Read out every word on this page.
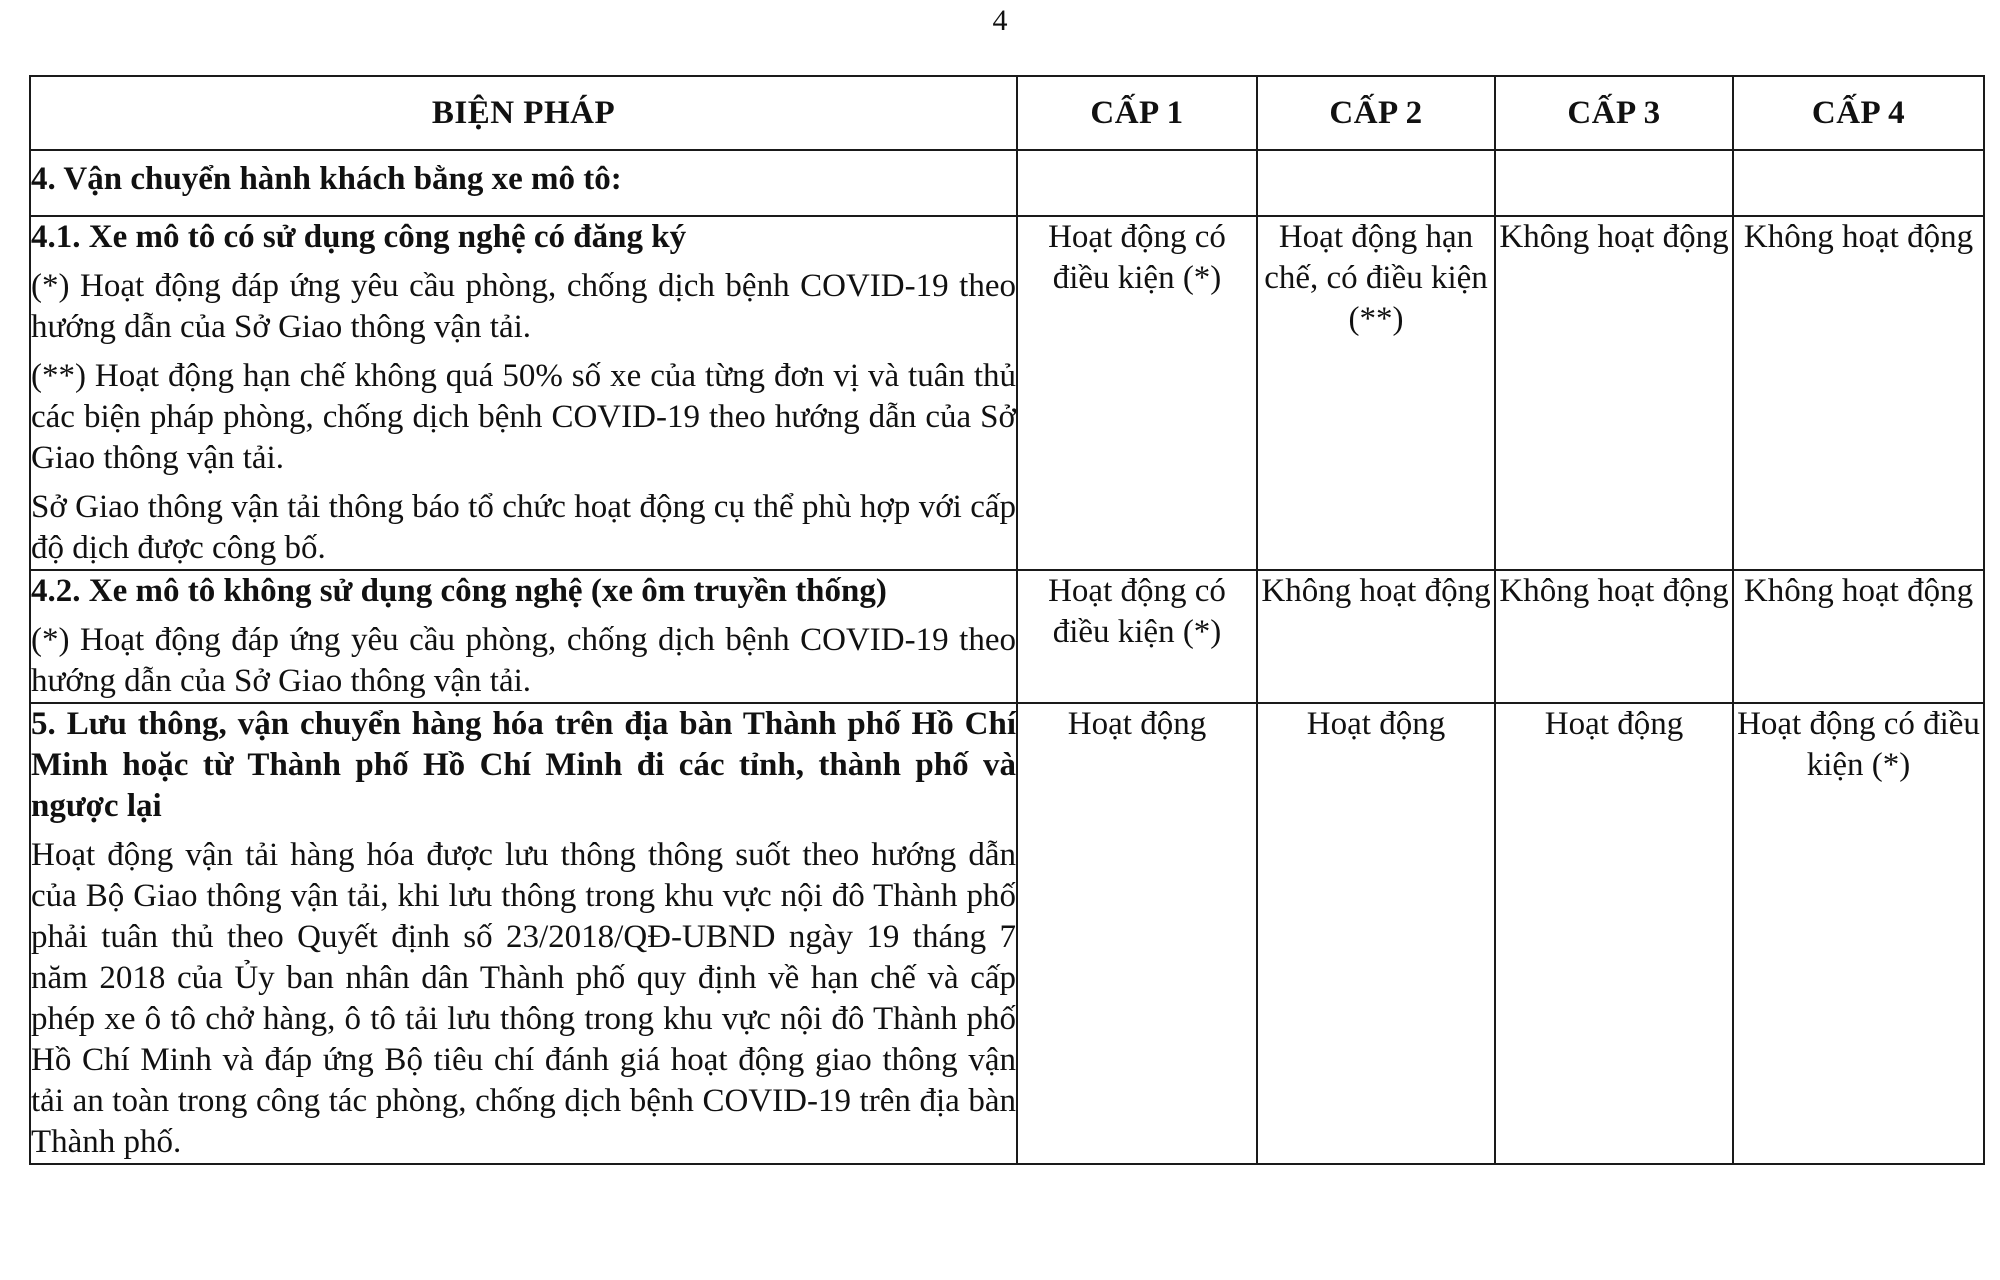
4
BIỆN PHÁP	CẤP 1	CẤP 2	CẤP 3	CẤP 4
4. Vận chuyển hành khách bằng xe mô tô:				

4.1. Xe mô tô có sử dụng công nghệ có đăng ký

(*) Hoạt động đáp ứng yêu cầu phòng, chống dịch bệnh COVID-19 theo hướng dẫn của Sở Giao thông vận tải.

(**) Hoạt động hạn chế không quá 50% số xe của từng đơn vị và tuân thủ các biện pháp phòng, chống dịch bệnh COVID-19 theo hướng dẫn của Sở Giao thông vận tải.

Sở Giao thông vận tải thông báo tổ chức hoạt động cụ thể phù hợp với cấp độ dịch được công bố.	Hoạt động có điều kiện (*)	Hoạt động hạn chế, có điều kiện (**)	Không hoạt động	Không hoạt động

4.2. Xe mô tô không sử dụng công nghệ (xe ôm truyền thống)

(*) Hoạt động đáp ứng yêu cầu phòng, chống dịch bệnh COVID-19 theo hướng dẫn của Sở Giao thông vận tải.	Hoạt động có điều kiện (*)	Không hoạt động	Không hoạt động	Không hoạt động

5. Lưu thông, vận chuyển hàng hóa trên địa bàn Thành phố Hồ Chí Minh hoặc từ Thành phố Hồ Chí Minh đi các tỉnh, thành phố và ngược lại

Hoạt động vận tải hàng hóa được lưu thông thông suốt theo hướng dẫn của Bộ Giao thông vận tải, khi lưu thông trong khu vực nội đô Thành phố phải tuân thủ theo Quyết định số 23/2018/QĐ-UBND ngày 19 tháng 7 năm 2018 của Ủy ban nhân dân Thành phố quy định về hạn chế và cấp phép xe ô tô chở hàng, ô tô tải lưu thông trong khu vực nội đô Thành phố Hồ Chí Minh và đáp ứng Bộ tiêu chí đánh giá hoạt động giao thông vận tải an toàn trong công tác phòng, chống dịch bệnh COVID-19 trên địa bàn Thành phố.	Hoạt động	Hoạt động	Hoạt động	Hoạt động có điều kiện (*)
